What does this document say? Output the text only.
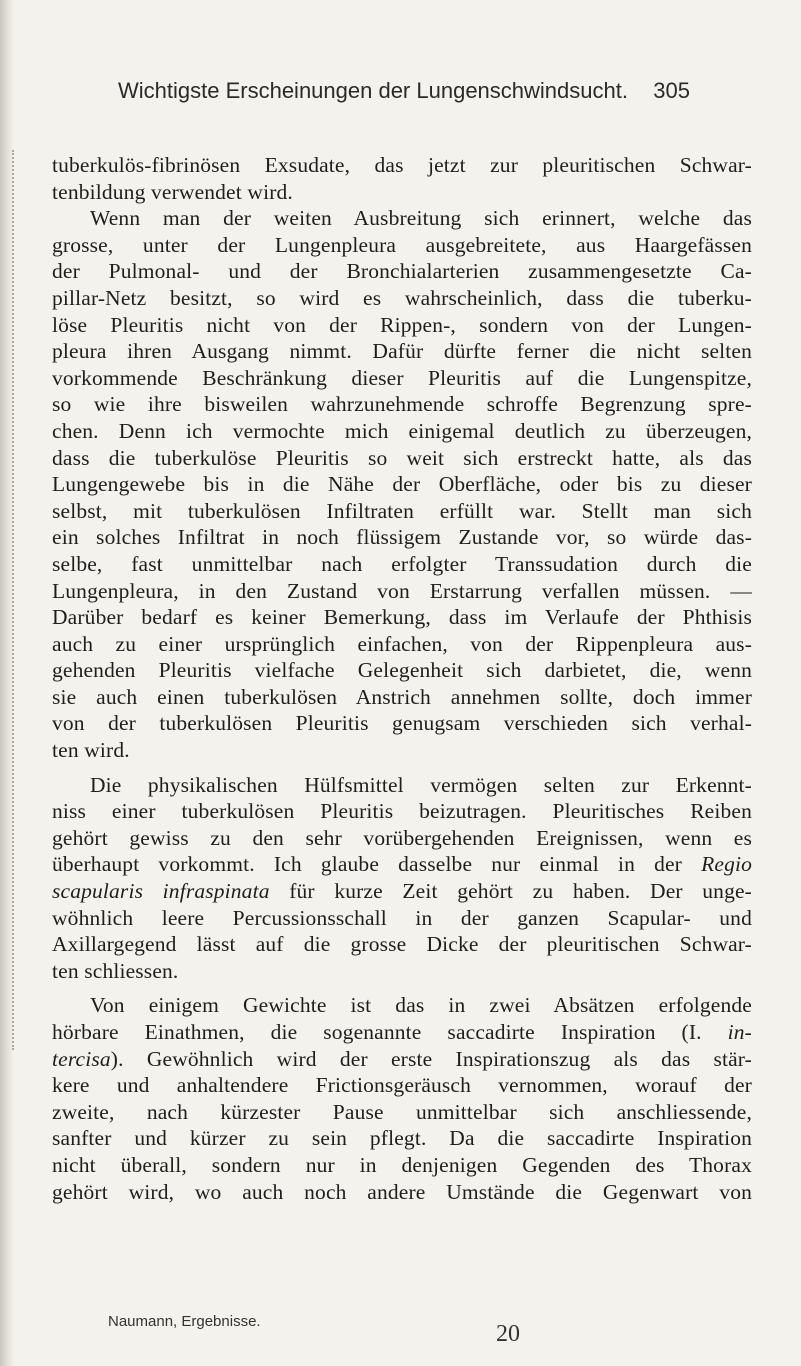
Wichtigste Erscheinungen der Lungenschwindsucht. 305
tuberkulös-fibrinösen Exsudate, das jetzt zur pleuritischen Schwar-
tenbildung verwendet wird.
Wenn man der weiten Ausbreitung sich erinnert, welche das
grosse, unter der Lungenpleura ausgebreitete, aus Haargefässen
der Pulmonal- und der Bronchialarterien zusammengesetzte Ca-
pillar-Netz besitzt, so wird es wahrscheinlich, dass die tuberku-
löse Pleuritis nicht von der Rippen-, sondern von der Lungen-
pleura ihren Ausgang nimmt. Dafür dürfte ferner die nicht selten
vorkommende Beschränkung dieser Pleuritis auf die Lungenspitze,
so wie ihre bisweilen wahrzunehmende schroffe Begrenzung spre-
chen. Denn ich vermochte mich einigemal deutlich zu überzeugen,
dass die tuberkulöse Pleuritis so weit sich erstreckt hatte, als das
Lungengewebe bis in die Nähe der Oberfläche, oder bis zu dieser
selbst, mit tuberkulösen Infiltraten erfüllt war. Stellt man sich
ein solches Infiltrat in noch flüssigem Zustande vor, so würde das-
selbe, fast unmittelbar nach erfolgter Transsudation durch die
Lungenpleura, in den Zustand von Erstarrung verfallen müssen. —
Darüber bedarf es keiner Bemerkung, dass im Verlaufe der Phthisis
auch zu einer ursprünglich einfachen, von der Rippenpleura aus-
gehenden Pleuritis vielfache Gelegenheit sich darbietet, die, wenn
sie auch einen tuberkulösen Anstrich annehmen sollte, doch immer
von der tuberkulösen Pleuritis genugsam verschieden sich verhal-
ten wird.
Die physikalischen Hülfsmittel vermögen selten zur Erkennt-
niss einer tuberkulösen Pleuritis beizutragen. Pleuritisches Reiben
gehört gewiss zu den sehr vorübergehenden Ereignissen, wenn es
überhaupt vorkommt. Ich glaube dasselbe nur einmal in der Regio
scapularis infraspinata für kurze Zeit gehört zu haben. Der unge-
wöhnlich leere Percussionsschall in der ganzen Scapular- und
Axillargegend lässt auf die grosse Dicke der pleuritischen Schwar-
ten schliessen.
Von einigem Gewichte ist das in zwei Absätzen erfolgende
hörbare Einathmen, die sogenannte saccadirte Inspiration (I. in-
tercisa). Gewöhnlich wird der erste Inspirationszug als das stär-
kere und anhaltendere Frictionsgeräusch vernommen, worauf der
zweite, nach kürzester Pause unmittelbar sich anschliessende,
sanfter und kürzer zu sein pflegt. Da die saccadirte Inspiration
nicht überall, sondern nur in denjenigen Gegenden des Thorax
gehört wird, wo auch noch andere Umstände die Gegenwart von
Naumann, Ergebnisse.	20
